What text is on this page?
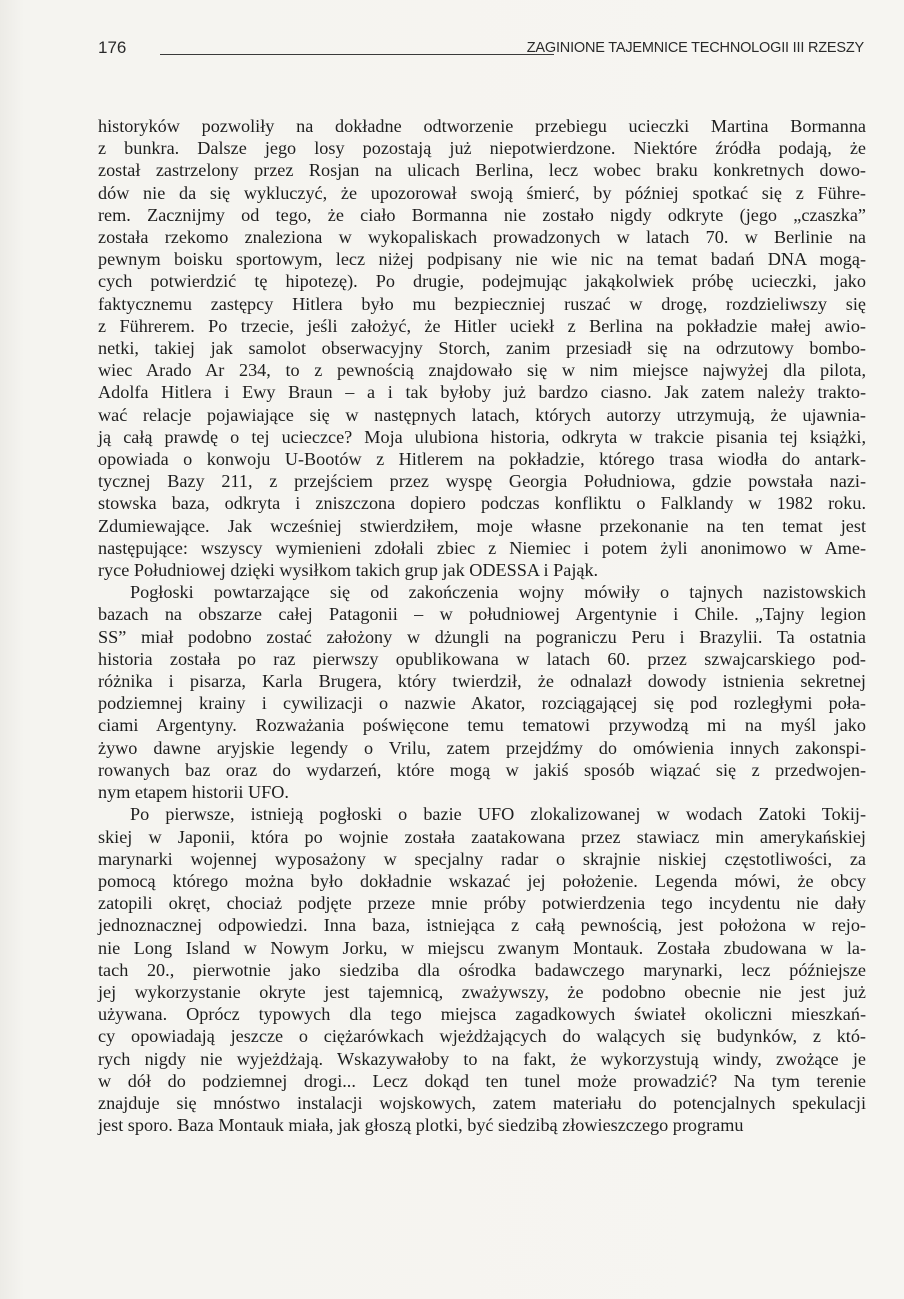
176	ZAGINIONE TAJEMNICE TECHNOLOGII III RZESZY

historyków pozwoliły na dokładne odtworzenie przebiegu ucieczki Martina Bormanna
z bunkra. Dalsze jego losy pozostają już niepotwierdzone. Niektóre źródła podają, że
został zastrzelony przez Rosjan na ulicach Berlina, lecz wobec braku konkretnych dowo-
dów nie da się wykluczyć, że upozorował swoją śmierć, by później spotkać się z Führe-
rem. Zacznijmy od tego, że ciało Bormanna nie zostało nigdy odkryte (jego „czaszka”
została rzekomo znaleziona w wykopaliskach prowadzonych w latach 70. w Berlinie na
pewnym boisku sportowym, lecz niżej podpisany nie wie nic na temat badań DNA mogą-
cych potwierdzić tę hipotezę). Po drugie, podejmując jakąkolwiek próbę ucieczki, jako
faktycznemu zastępcy Hitlera było mu bezpieczniej ruszać w drogę, rozdzieliwszy się
z Führerem. Po trzecie, jeśli założyć, że Hitler uciekł z Berlina na pokładzie małej awio-
netki, takiej jak samolot obserwacyjny Storch, zanim przesiadł się na odrzutowy bombo-
wiec Arado Ar 234, to z pewnością znajdowało się w nim miejsce najwyżej dla pilota,
Adolfa Hitlera i Ewy Braun – a i tak byłoby już bardzo ciasno. Jak zatem należy trakto-
wać relacje pojawiające się w następnych latach, których autorzy utrzymują, że ujawnia-
ją całą prawdę o tej ucieczce? Moja ulubiona historia, odkryta w trakcie pisania tej książki,
opowiada o konwoju U-Bootów z Hitlerem na pokładzie, którego trasa wiodła do antark-
tycznej Bazy 211, z przejściem przez wyspę Georgia Południowa, gdzie powstała nazi-
stowska baza, odkryta i zniszczona dopiero podczas konfliktu o Falklandy w 1982 roku.
Zdumiewające. Jak wcześniej stwierdziłem, moje własne przekonanie na ten temat jest
następujące: wszyscy wymienieni zdołali zbiec z Niemiec i potem żyli anonimowo w Ame-
ryce Południowej dzięki wysiłkom takich grup jak ODESSA i Pająk.

Pogłoski powtarzające się od zakończenia wojny mówiły o tajnych nazistowskich
bazach na obszarze całej Patagonii – w południowej Argentynie i Chile. „Tajny legion
SS” miał podobno zostać założony w dżungli na pograniczu Peru i Brazylii. Ta ostatnia
historia została po raz pierwszy opublikowana w latach 60. przez szwajcarskiego pod-
różnika i pisarza, Karla Brugera, który twierdził, że odnalazł dowody istnienia sekretnej
podziemnej krainy i cywilizacji o nazwie Akator, rozciągającej się pod rozległymi poła-
ciami Argentyny. Rozważania poświęcone temu tematowi przywodzą mi na myśl jako
żywo dawne aryjskie legendy o Vrilu, zatem przejdźmy do omówienia innych zakonspi-
rowanych baz oraz do wydarzeń, które mogą w jakiś sposób wiązać się z przedwojen-
nym etapem historii UFO.

Po pierwsze, istnieją pogłoski o bazie UFO zlokalizowanej w wodach Zatoki Tokij-
skiej w Japonii, która po wojnie została zaatakowana przez stawiacz min amerykańskiej
marynarki wojennej wyposażony w specjalny radar o skrajnie niskiej częstotliwości, za
pomocą którego można było dokładnie wskazać jej położenie. Legenda mówi, że obcy
zatopili okręt, chociaż podjęte przeze mnie próby potwierdzenia tego incydentu nie dały
jednoznacznej odpowiedzi. Inna baza, istniejąca z całą pewnością, jest położona w rejo-
nie Long Island w Nowym Jorku, w miejscu zwanym Montauk. Została zbudowana w la-
tach 20., pierwotnie jako siedziba dla ośrodka badawczego marynarki, lecz późniejsze
jej wykorzystanie okryte jest tajemnicą, zważywszy, że podobno obecnie nie jest już
używana. Oprócz typowych dla tego miejsca zagadkowych świateł okoliczni mieszkań-
cy opowiadają jeszcze o ciężarówkach wjeżdżających do walących się budynków, z któ-
rych nigdy nie wyjeżdżają. Wskazywałoby to na fakt, że wykorzystują windy, zwożące je
w dół do podziemnej drogi... Lecz dokąd ten tunel może prowadzić? Na tym terenie
znajduje się mnóstwo instalacji wojskowych, zatem materiału do potencjalnych spekulacji
jest sporo. Baza Montauk miała, jak głoszą plotki, być siedzibą złowieszczego programu
